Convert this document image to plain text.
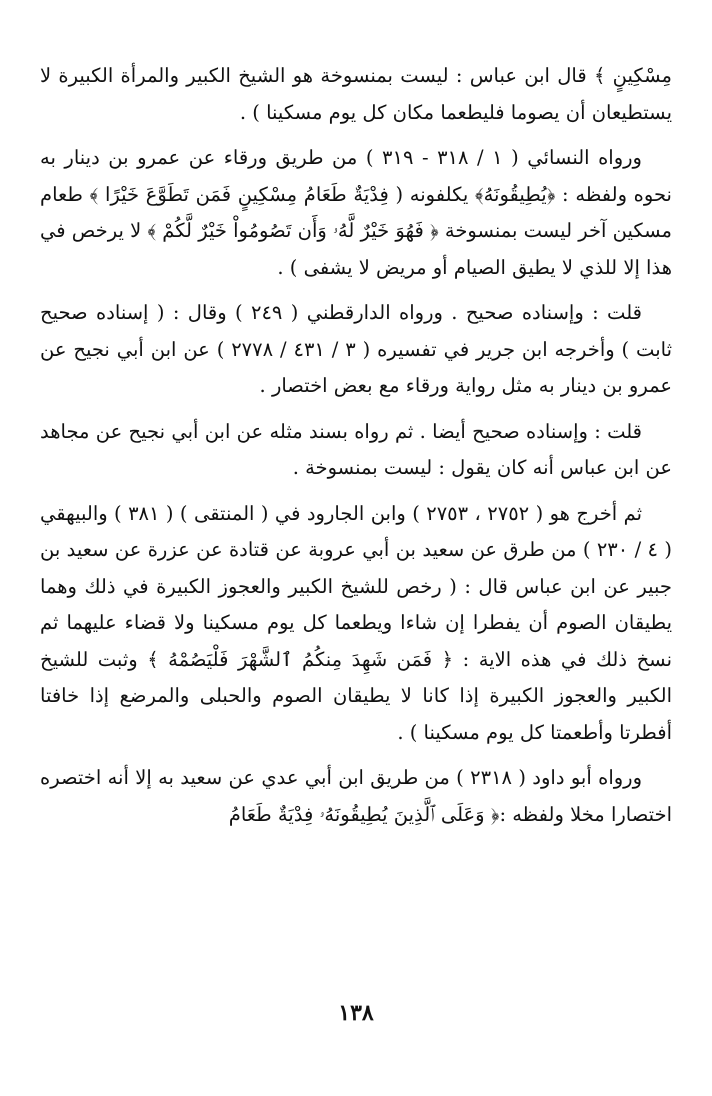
مِسْكِينٍ ﴾ قال ابن عباس : ليست بمنسوخة هو الشيخ الكبير والمرأة الكبيرة لا يستطيعان أن يصوما فليطعما مكان كل يوم مسكينا ) .

ورواه النسائي ( ١ / ٣١٨ - ٣١٩ ) من طريق ورقاء عن عمرو بن دينار به نحوه ولفظه : ﴿يُطِيقُونَهُ﴾ يكلفونه ( فِدْيَةٌ طَعَامُ مِسْكِينٍ فَمَن تَطَوَّعَ خَيْرًا ﴾ طعام مسكين آخر ليست بمنسوخة ﴿ فَهُوَ خَيْرٌ لَّهُۥ وَأَن تَصُومُواْ خَيْرٌ لَّكُمْ ﴾ لا يرخص في هذا إلا للذي لا يطيق الصيام أو مريض لا يشفى ) .

قلت : وإسناده صحيح . ورواه الدارقطني ( ٢٤٩ ) وقال : ( إسناده صحيح ثابت ) وأخرجه ابن جرير في تفسيره ( ٣ / ٤٣١ / ٢٧٧٨ ) عن ابن أبي نجيح عن عمرو بن دينار به مثل رواية ورقاء مع بعض اختصار .

قلت : وإسناده صحيح أيضا . ثم رواه بسند مثله عن ابن أبي نجيح عن مجاهد عن ابن عباس أنه كان يقول : ليست بمنسوخة .

ثم أخرج هو ( ٢٧٥٢ ، ٢٧٥٣ ) وابن الجارود في ( المنتقى ) ( ٣٨١ ) والبيهقي ( ٤ / ٢٣٠ ) من طرق عن سعيد بن أبي عروبة عن قتادة عن عزرة عن سعيد بن جبير عن ابن عباس قال : ( رخص للشيخ الكبير والعجوز الكبيرة في ذلك وهما يطيقان الصوم أن يفطرا إن شاءا ويطعما كل يوم مسكينا ولا قضاء عليهما ثم نسخ ذلك في هذه الاية : ﴿ فَمَن شَهِدَ مِنكُمُ ٱلشَّهْرَ فَلْيَصُمْهُ ﴾ وثبت للشيخ الكبير والعجوز الكبيرة إذا كانا لا يطيقان الصوم والحبلى والمرضع إذا خافتا أفطرتا وأطعمتا كل يوم مسكينا ) .

ورواه أبو داود ( ٢٣١٨ ) من طريق ابن أبي عدي عن سعيد به إلا أنه اختصره اختصارا مخلا ولفظه :﴿ وَعَلَى ٱلَّذِينَ يُطِيقُونَهُۥ فِدْيَةٌ طَعَامُ

١٣٨
